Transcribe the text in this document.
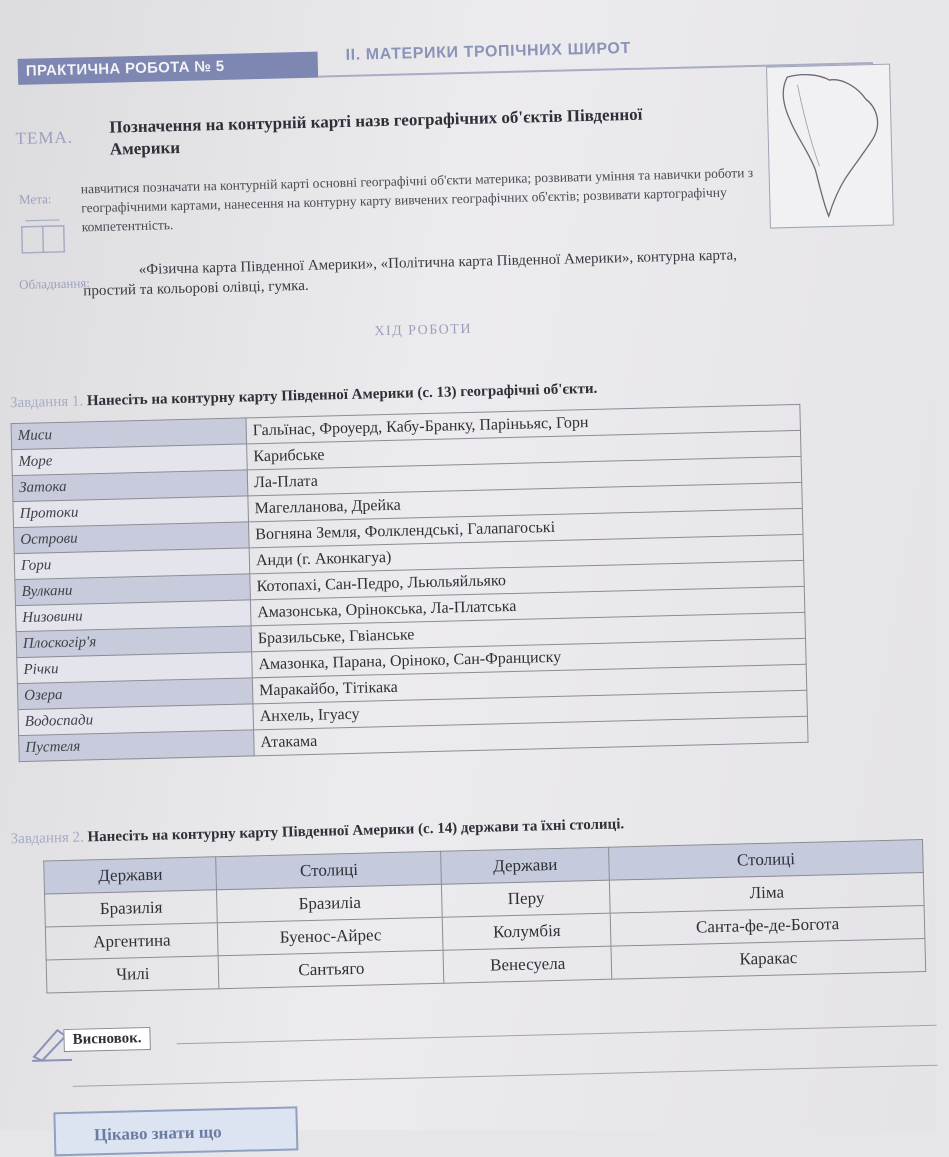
ПРАКТИЧНА РОБОТА № 5
II. МАТЕРИКИ ТРОПІЧНИХ ШИРОТ
ТЕМА.
Позначення на контурній карті назв географічних об'єктів Південної Америки
Мета:
навчитися позначати на контурній карті основні географічні об'єкти материка; розвивати уміння та навички роботи з географічними картами, нанесення на контурну карту вивчених географічних об'єктів; розвивати картографічну компетентність.
Обладнання:
«Фізична карта Південної Америки», «Політична карта Південної Америки», контурна карта, простий та кольорові олівці, гумка.
ХІД РОБОТИ
Завдання 1. Нанесіть на контурну карту Південної Америки (с. 13) географічні об'єкти.
Миси	Гальїнас, Фроуерд, Кабу-Бранку, Парінььяс, Горн
Море	Карибське
Затока	Ла-Плата
Протоки	Магелланова, Дрейка
Острови	Вогняна Земля, Фолклендські, Галапагоські
Гори	Анди (г. Аконкагуа)
Вулкани	Котопахі, Сан-Педро, Льюльяйльяко
Низовини	Амазонська, Орінокська, Ла-Платська
Плоскогір'я	Бразильське, Гвіанське
Річки	Амазонка, Парана, Оріноко, Сан-Франциску
Озера	Маракайбо, Тітікака
Водоспади	Анхель, Ігуасу
Пустеля	Атакама
Завдання 2. Нанесіть на контурну карту Південної Америки (с. 14) держави та їхні столиці.
Держави	Столиці	Держави	Столиці
Бразилія	Бразиліа	Перу	Ліма
Аргентина	Буенос-Айрес	Колумбія	Санта-фе-де-Богота
Чилі	Сантьяго	Венесуела	Каракас
Висновок.
Цікаво знати що
